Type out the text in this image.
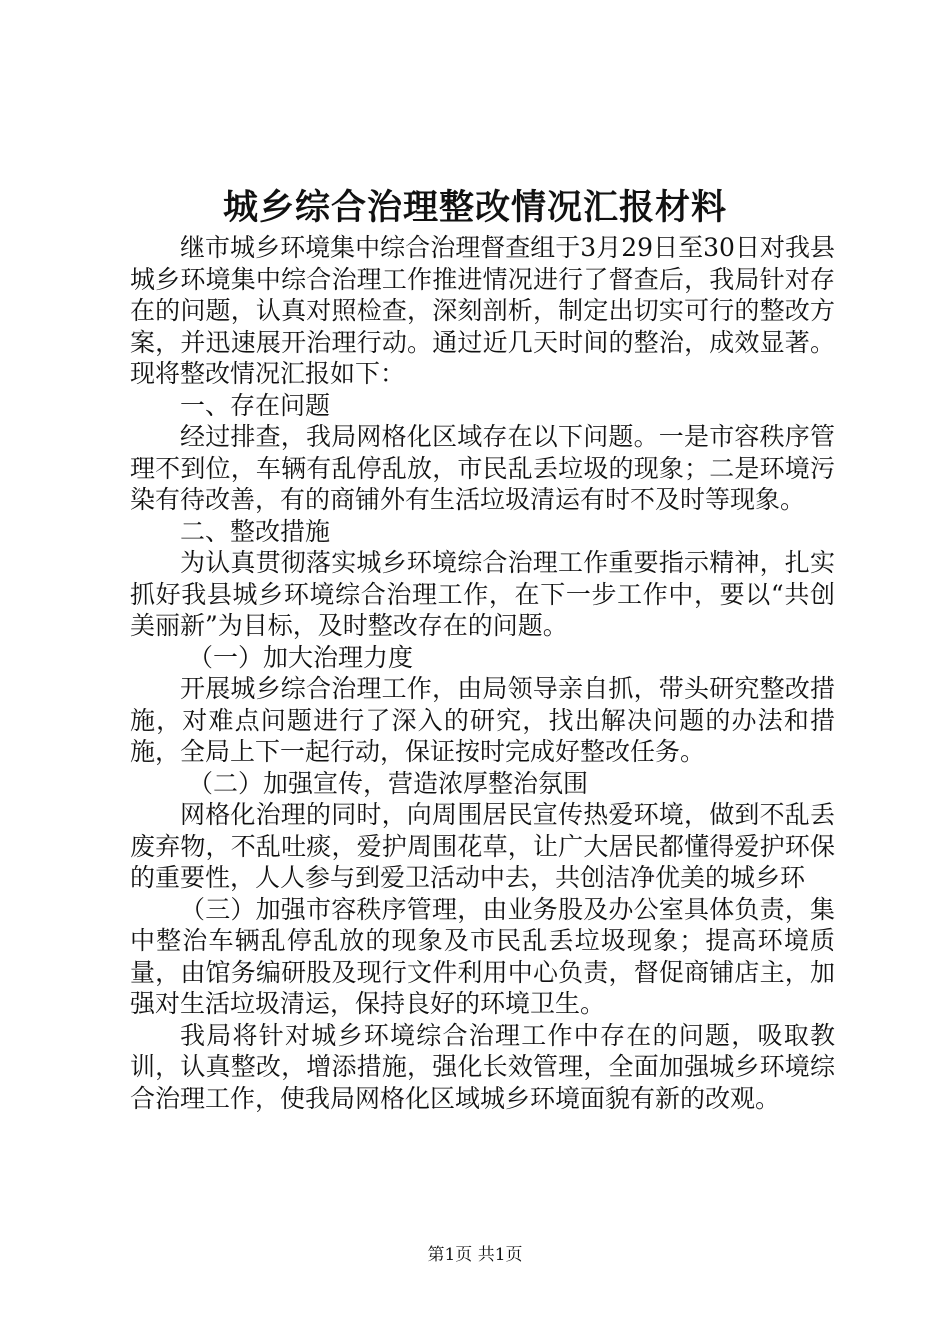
城乡综合治理整改情况汇报材料

继市城乡环境集中综合治理督查组于3月29日至30日对我县城乡环境集中综合治理工作推进情况进行了督查后，我局针对存在的问题，认真对照检查，深刻剖析，制定出切实可行的整改方案，并迅速展开治理行动。通过近几天时间的整治，成效显著。现将整改情况汇报如下：

一、存在问题

经过排查，我局网格化区域存在以下问题。一是市容秩序管理不到位，车辆有乱停乱放，市民乱丢垃圾的现象；二是环境污染有待改善，有的商铺外有生活垃圾清运有时不及时等现象。

二、整改措施

为认真贯彻落实城乡环境综合治理工作重要指示精神，扎实抓好我县城乡环境综合治理工作，在下一步工作中，要以“共创美丽新”为目标，及时整改存在的问题。

（一）加大治理力度

开展城乡综合治理工作，由局领导亲自抓，带头研究整改措施，对难点问题进行了深入的研究，找出解决问题的办法和措施，全局上下一起行动，保证按时完成好整改任务。

（二）加强宣传，营造浓厚整治氛围

网格化治理的同时，向周围居民宣传热爱环境，做到不乱丢废弃物，不乱吐痰，爱护周围花草，让广大居民都懂得爱护环保的重要性，人人参与到爱卫活动中去，共创洁净优美的城乡环

（三）加强市容秩序管理，由业务股及办公室具体负责，集中整治车辆乱停乱放的现象及市民乱丢垃圾现象；提高环境质量，由馆务编研股及现行文件利用中心负责，督促商铺店主，加强对生活垃圾清运，保持良好的环境卫生。

我局将针对城乡环境综合治理工作中存在的问题，吸取教训，认真整改，增添措施，强化长效管理，全面加强城乡环境综合治理工作，使我局网格化区域城乡环境面貌有新的改观。

第1页 共1页
